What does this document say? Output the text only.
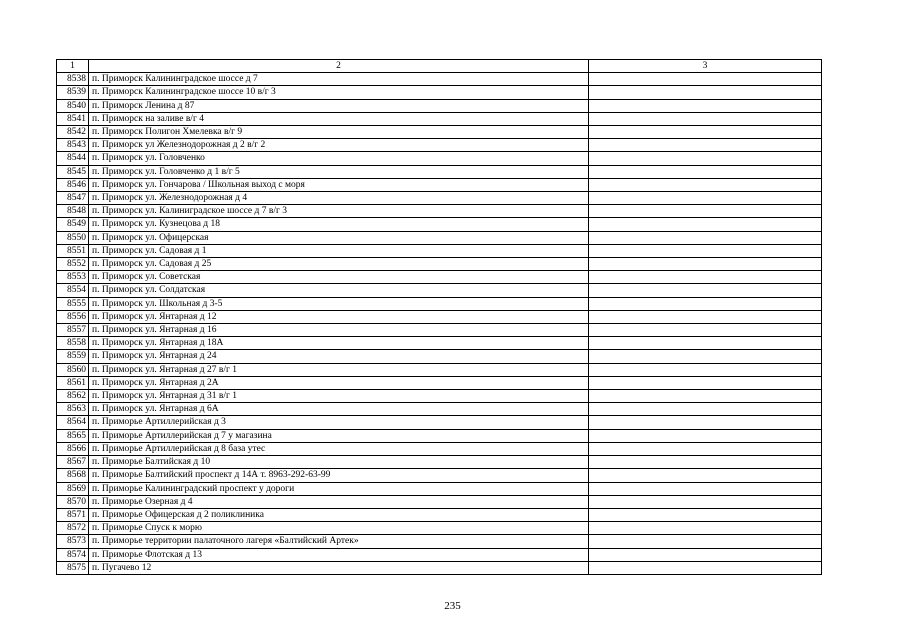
1	2	3
8538	п. Приморск Калининградское шоссе д 7	
8539	п. Приморск Калининградское шоссе 10 в/г 3	
8540	п. Приморск Ленина д 87	
8541	п. Приморск на заливе в/г 4	
8542	п. Приморск Полигон Хмелевка в/г 9	
8543	п. Приморск ул Железнодорожная д 2 в/г 2	
8544	п. Приморск ул. Головченко	
8545	п. Приморск ул. Головченко д 1 в/г 5	
8546	п. Приморск ул. Гончарова / Школьная выход с моря	
8547	п. Приморск ул. Железнодорожная д 4	
8548	п. Приморск ул. Калинигрaдское шоссе д 7 в/г 3	
8549	п. Приморск ул. Кузнецова д 18	
8550	п. Приморск ул. Офицерская	
8551	п. Приморск ул. Садовая д 1	
8552	п. Приморск ул. Садовая д 25	
8553	п. Приморск ул. Советская	
8554	п. Приморск ул. Солдатская	
8555	п. Приморск ул. Школьная д 3-5	
8556	п. Приморск ул. Янтарная д 12	
8557	п. Приморск ул. Янтарная д 16	
8558	п. Приморск ул. Янтарная д 18А	
8559	п. Приморск ул. Янтарная д 24	
8560	п. Приморск ул. Янтарная д 27 в/г 1	
8561	п. Приморск ул. Янтарная д 2А	
8562	п. Приморск ул. Янтарная д 31 в/г 1	
8563	п. Приморск ул. Янтарная д 6А	
8564	п. Приморье Артиллерийская д 3	
8565	п. Приморье Артиллерийская д 7 у магазина	
8566	п. Приморье Артиллерийская д 8 база утес	
8567	п. Приморье Балтийская д 10	
8568	п. Приморье Балтийский проспект д 14А т. 8963-292-63-99	
8569	п. Приморье Калининградский проспект у дороги	
8570	п. Приморье Озерная д 4	
8571	п. Приморье Офицерская д 2 поликлиника	
8572	п. Приморье Спуск к морю	
8573	п. Приморье территории палаточного лагеря «Балтийский Артек»	
8574	п. Приморье Флотская д 13	
8575	п. Пугачево 12	
235
